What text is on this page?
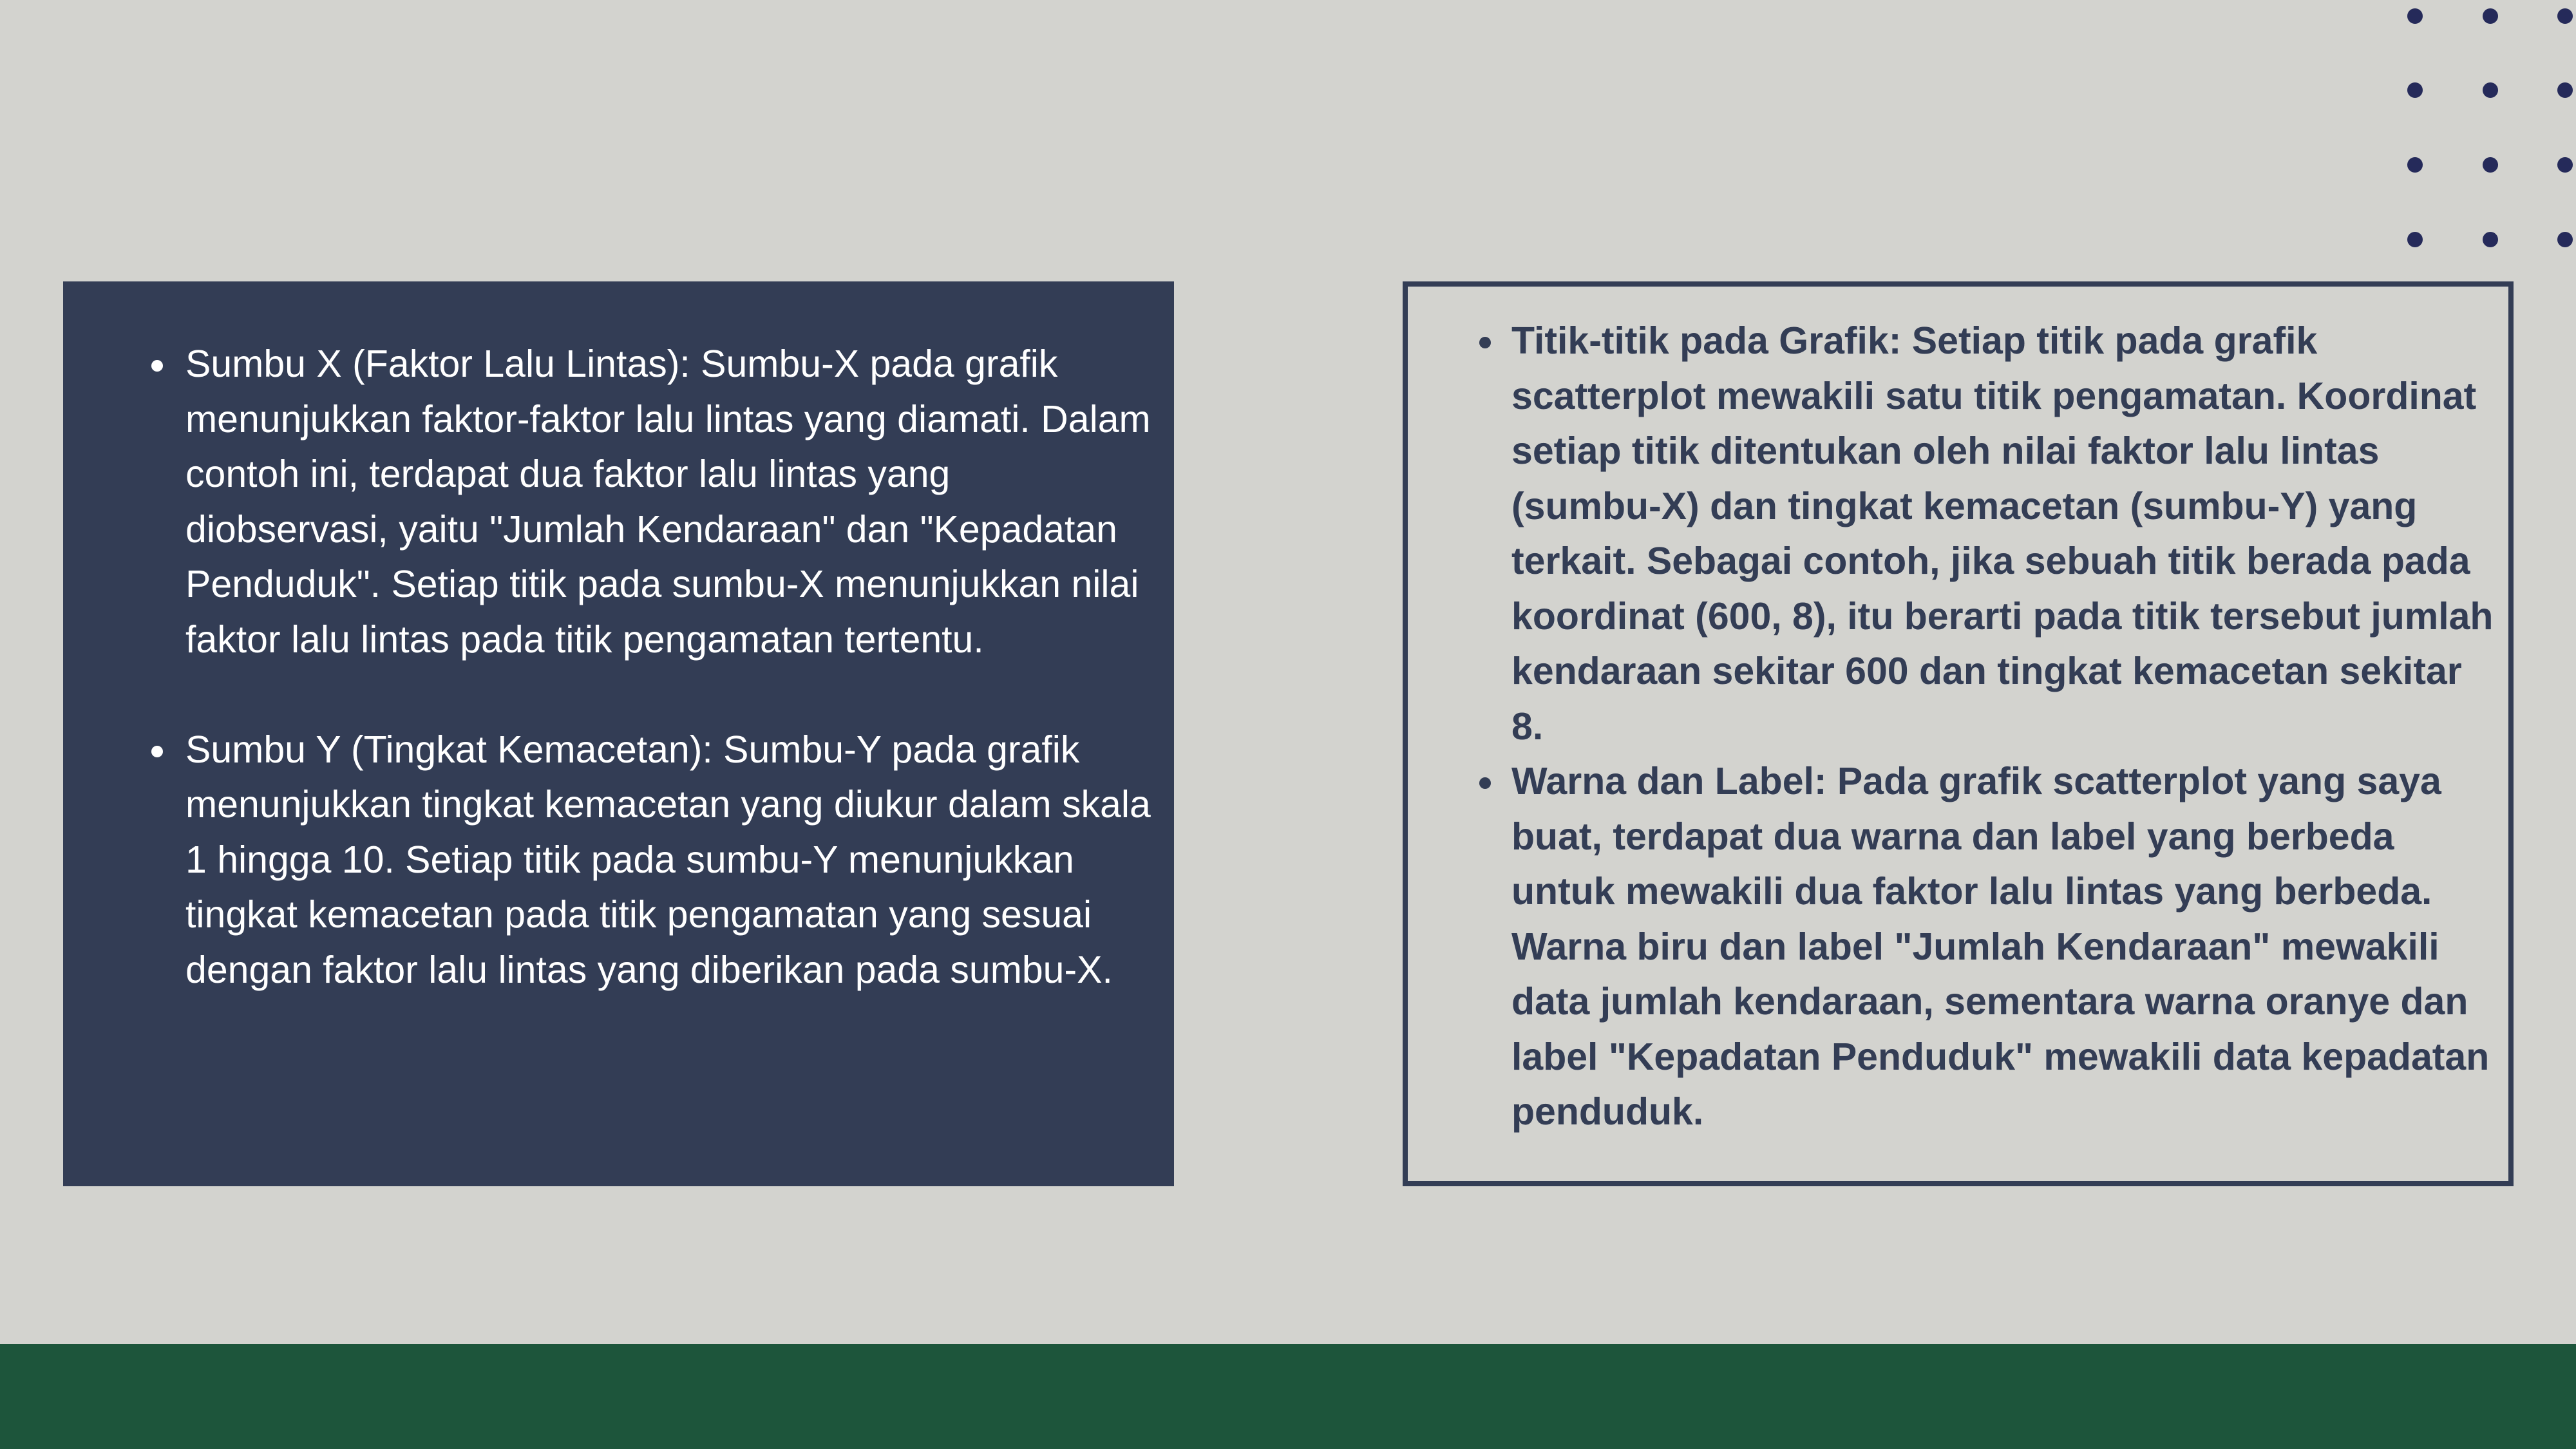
Sumbu X (Faktor Lalu Lintas): Sumbu-X pada grafik menunjukkan faktor-faktor lalu lintas yang diamati. Dalam contoh ini, terdapat dua faktor lalu lintas yang diobservasi, yaitu "Jumlah Kendaraan" dan "Kepadatan Penduduk". Setiap titik pada sumbu-X menunjukkan nilai faktor lalu lintas pada titik pengamatan tertentu.
Sumbu Y (Tingkat Kemacetan): Sumbu-Y pada grafik menunjukkan tingkat kemacetan yang diukur dalam skala 1 hingga 10. Setiap titik pada sumbu-Y menunjukkan tingkat kemacetan pada titik pengamatan yang sesuai dengan faktor lalu lintas yang diberikan pada sumbu-X.
Titik-titik pada Grafik: Setiap titik pada grafik scatterplot mewakili satu titik pengamatan. Koordinat setiap titik ditentukan oleh nilai faktor lalu lintas (sumbu-X) dan tingkat kemacetan (sumbu-Y) yang terkait. Sebagai contoh, jika sebuah titik berada pada koordinat (600, 8), itu berarti pada titik tersebut jumlah kendaraan sekitar 600 dan tingkat kemacetan sekitar 8.
Warna dan Label: Pada grafik scatterplot yang saya buat, terdapat dua warna dan label yang berbeda untuk mewakili dua faktor lalu lintas yang berbeda. Warna biru dan label "Jumlah Kendaraan" mewakili data jumlah kendaraan, sementara warna oranye dan label "Kepadatan Penduduk" mewakili data kepadatan penduduk.
